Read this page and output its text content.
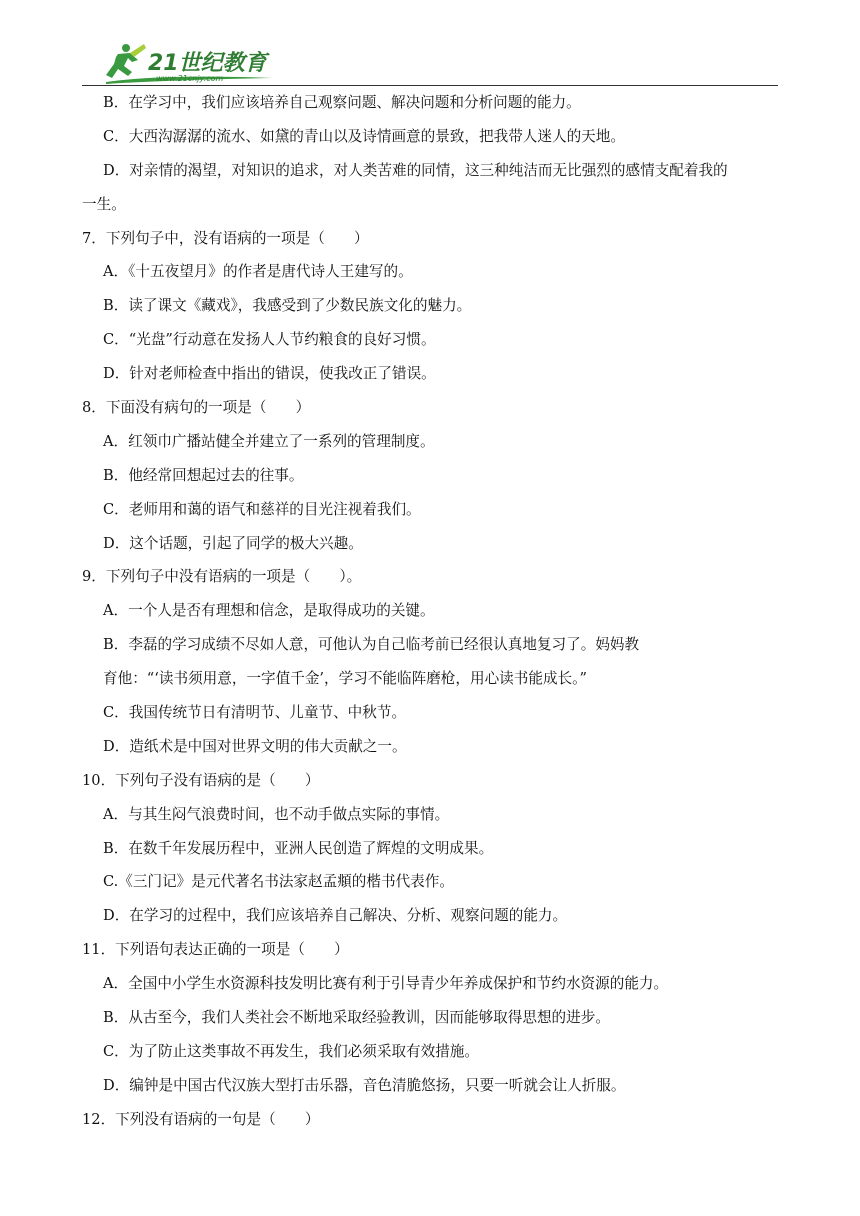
21世纪教育
www.21cnjy.com
B．在学习中，我们应该培养自己观察问题、解决问题和分析问题的能力。
C．大西沟潺潺的流水、如黛的青山以及诗情画意的景致，把我带人迷人的天地。
D．对亲情的渴望，对知识的追求，对人类苦难的同情，这三种纯洁而无比强烈的感情支配着我的
一生。
7．下列句子中，没有语病的一项是（　　）
A．《十五夜望月》的作者是唐代诗人王建写的。
B．读了课文《藏戏》，我感受到了少数民族文化的魅力。
C．“光盘”行动意在发扬人人节约粮食的良好习惯。
D．针对老师检查中指出的错误，使我改正了错误。
8．下面没有病句的一项是（　　）
A．红领巾广播站健全并建立了一系列的管理制度。
B．他经常回想起过去的往事。
C．老师用和蔼的语气和慈祥的目光注视着我们。
D．这个话题，引起了同学的极大兴趣。
9．下列句子中没有语病的一项是（　　）。
A．一个人是否有理想和信念，是取得成功的关键。
B．李磊的学习成绩不尽如人意，可他认为自己临考前已经很认真地复习了。妈妈教
育他：“‘读书须用意，一字值千金’，学习不能临阵磨枪，用心读书能成长。”
C．我国传统节日有清明节、儿童节、中秋节。
D．造纸术是中国对世界文明的伟大贡献之一。
10．下列句子没有语病的是（　　）
A．与其生闷气浪费时间，也不动手做点实际的事情。
B．在数千年发展历程中，亚洲人民创造了辉煌的文明成果。
C.《三门记》是元代著名书法家赵孟頫的楷书代表作。
D．在学习的过程中，我们应该培养自己解决、分析、观察问题的能力。
11．下列语句表达正确的一项是（　　）
A．全国中小学生水资源科技发明比赛有利于引导青少年养成保护和节约水资源的能力。
B．从古至今，我们人类社会不断地采取经验教训，因而能够取得思想的进步。
C．为了防止这类事故不再发生，我们必须采取有效措施。
D．编钟是中国古代汉族大型打击乐器，音色清脆悠扬，只要一听就会让人折服。
12．下列没有语病的一句是（　　）
